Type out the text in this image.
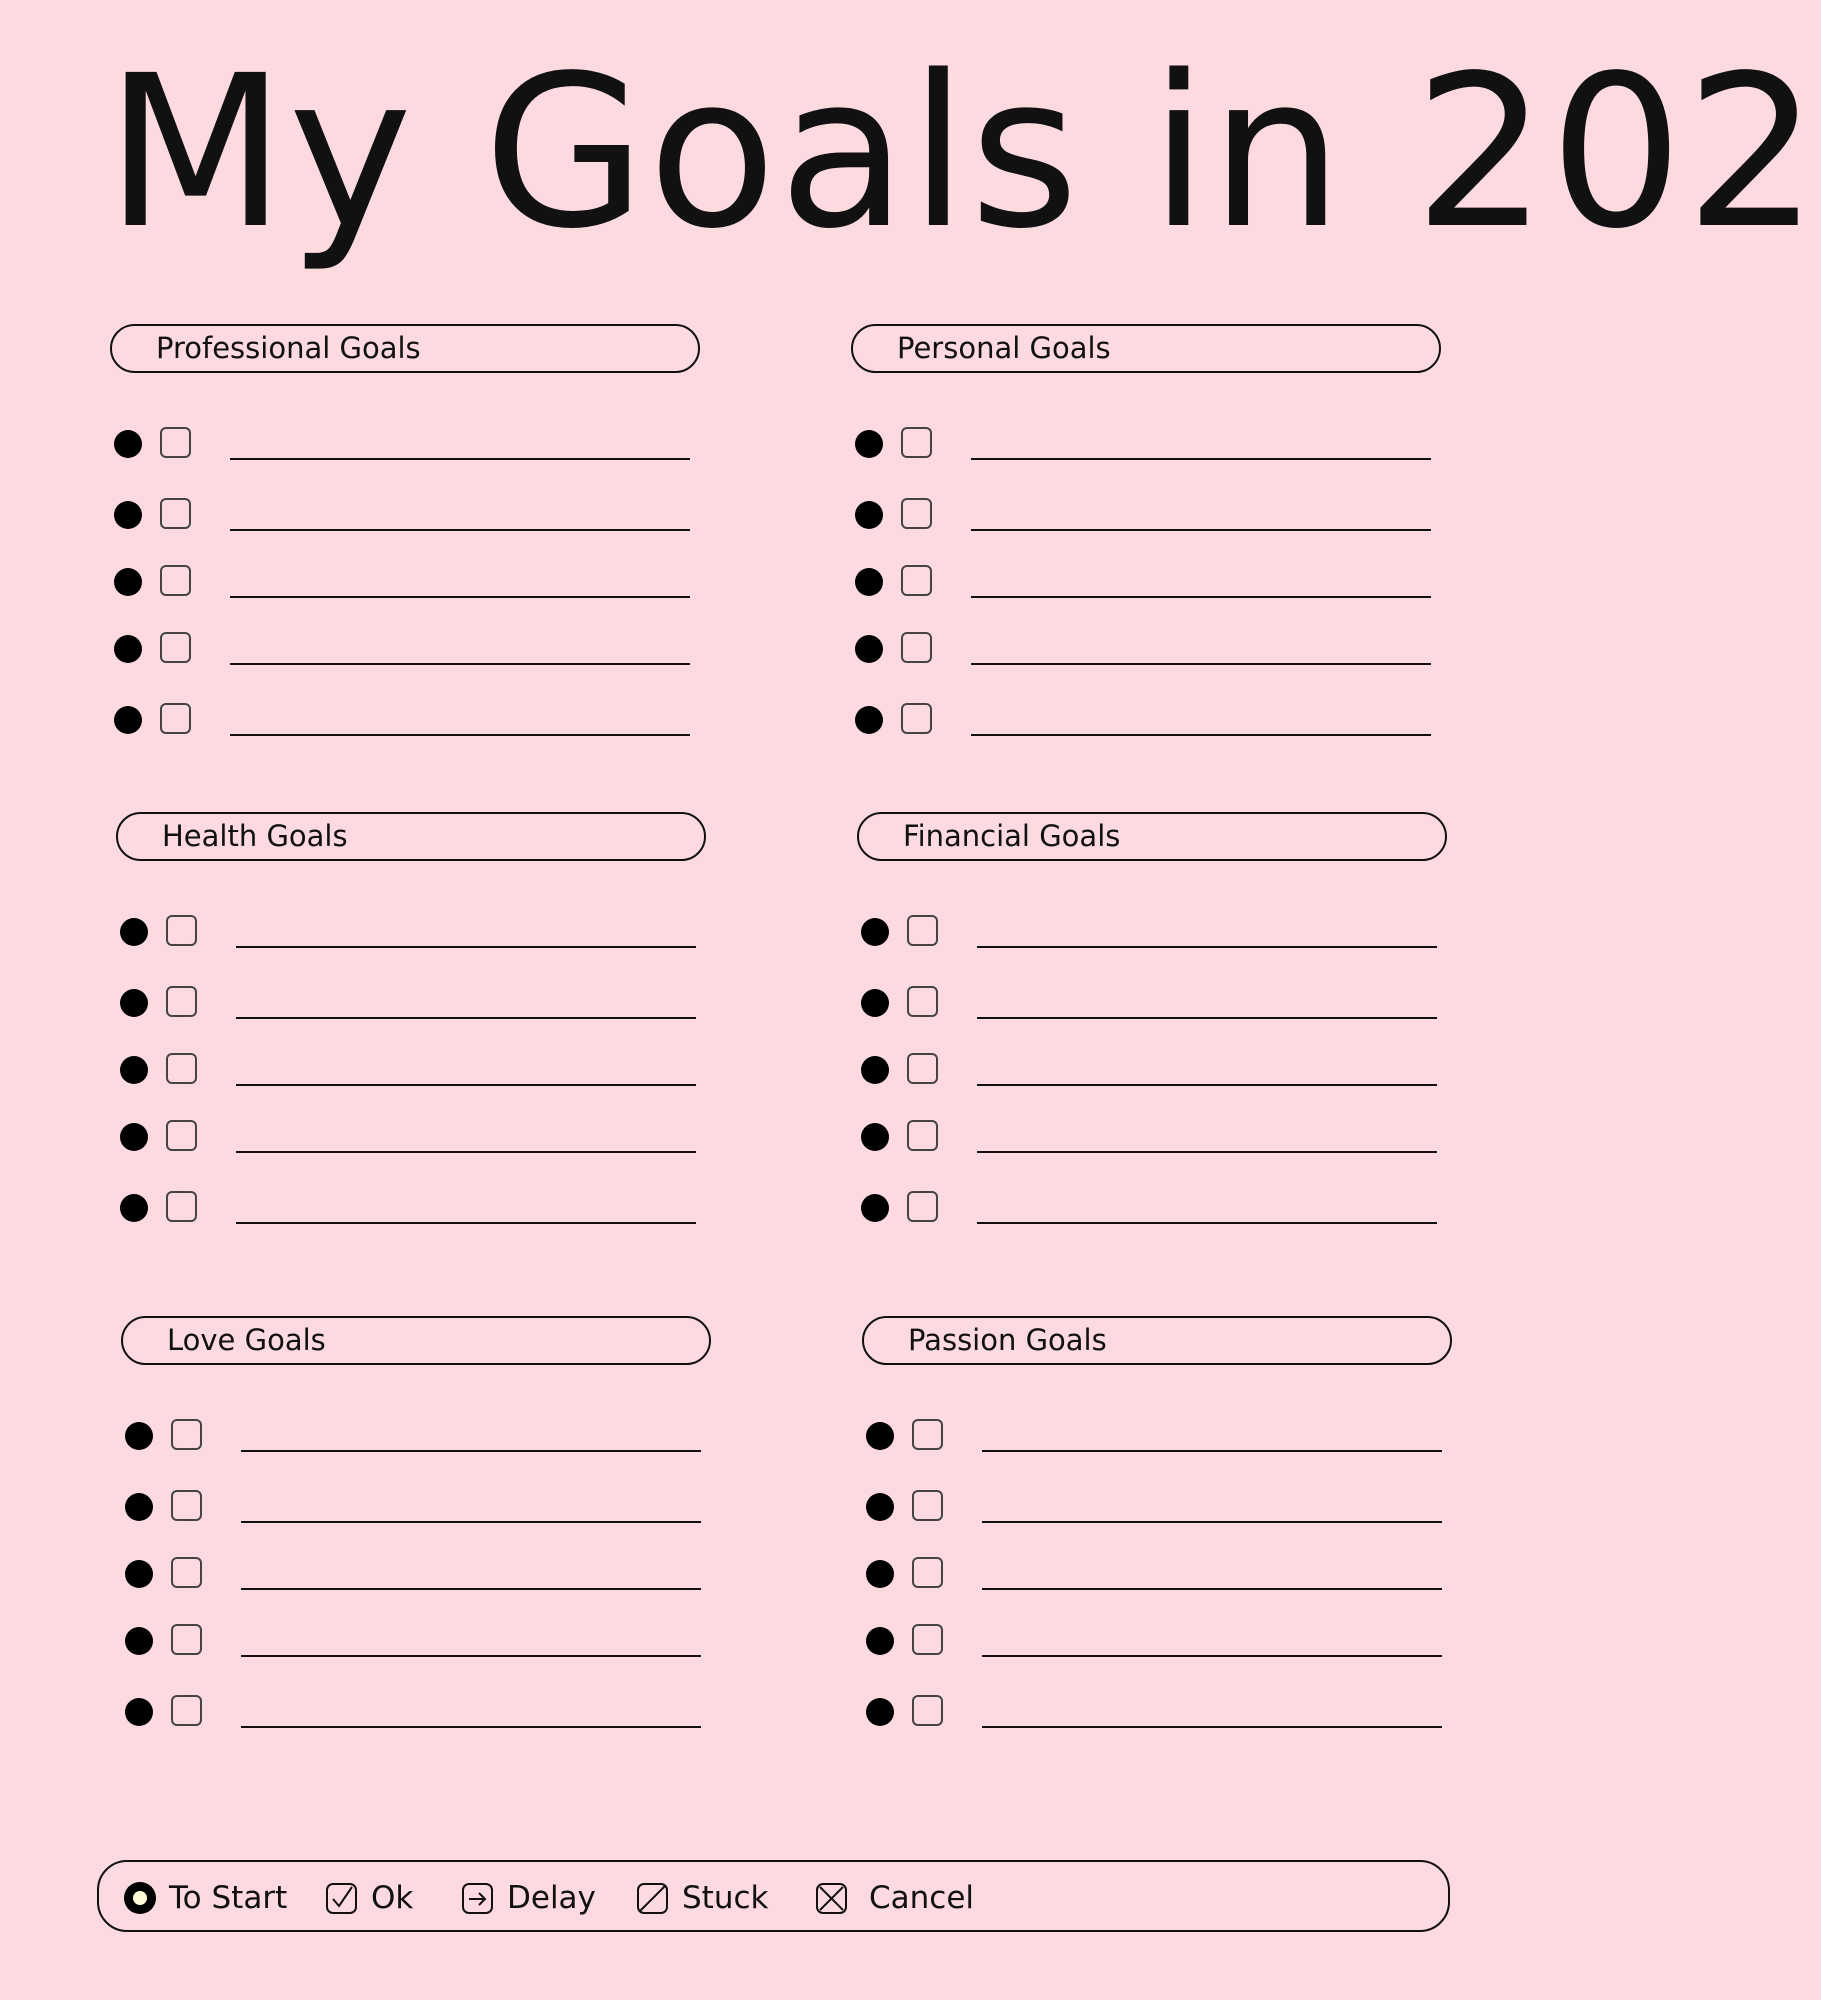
My Goals in 202
Professional Goals	Personal Goals
Health Goals	Financial Goals
Love Goals	Passion Goals
To Start	Ok	Delay	Stuck	Cancel
